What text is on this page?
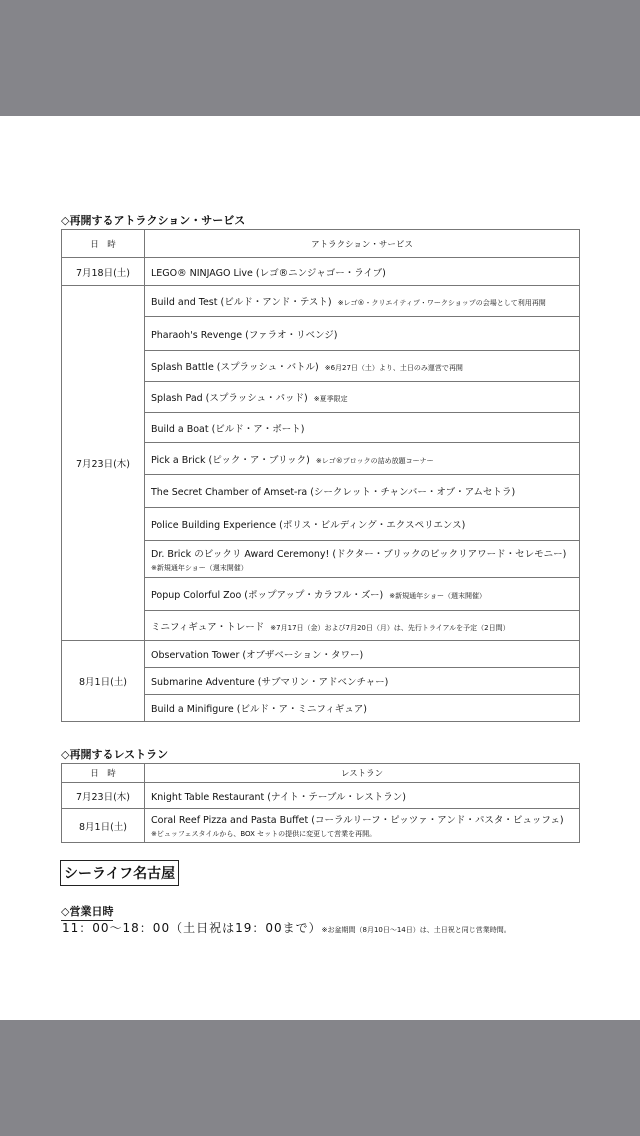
◇再開するアトラクション・サービス
日　時	アトラクション・サービス
7月18日(土)	LEGO® NINJAGO Live (レゴ®ニンジャゴー・ライブ)
7月23日(木)	Build and Test (ビルド・アンド・テスト) ※レゴ®・クリエイティブ・ワークショップの会場として利用再開
	Pharaoh's Revenge (ファラオ・リベンジ)
	Splash Battle (スプラッシュ・バトル) ※6月27日（土）より、土日のみ運営で再開
	Splash Pad (スプラッシュ・パッド) ※夏季限定
	Build a Boat (ビルド・ア・ボート)
	Pick a Brick (ピック・ア・ブリック) ※レゴ®ブロックの詰め放題コーナー
	The Secret Chamber of Amset-ra (シークレット・チャンバー・オブ・アムセトラ)
	Police Building Experience (ポリス・ビルディング・エクスペリエンス)
	Dr. Brick のビックリ Award Ceremony! (ドクター・ブリックのビックリアワード・セレモニー)
※新規通年ショー（週末開催）

	Popup Colorful Zoo (ポップアップ・カラフル・ズー) ※新規通年ショー（週末開催）
	ミニフィギュア・トレード ※7月17日（金）および7月20日（月）は、先行トライアルを予定（2日間）
8月1日(土)	Observation Tower (オブザベーション・タワー)
	Submarine Adventure (サブマリン・アドベンチャー)
	Build a Minifigure (ビルド・ア・ミニフィギュア)
◇再開するレストラン
日　時	レストラン
7月23日(木)	Knight Table Restaurant (ナイト・テーブル・レストラン)
8月1日(土)	Coral Reef Pizza and Pasta Buffet (コーラルリーフ・ピッツァ・アンド・パスタ・ビュッフェ)
※ビュッフェスタイルから、BOX セットの提供に変更して営業を再開。
シーライフ名古屋
◇営業日時
11：00～18：00（土日祝は19：00まで）※お盆期間（8月10日～14日）は、土日祝と同じ営業時間。
